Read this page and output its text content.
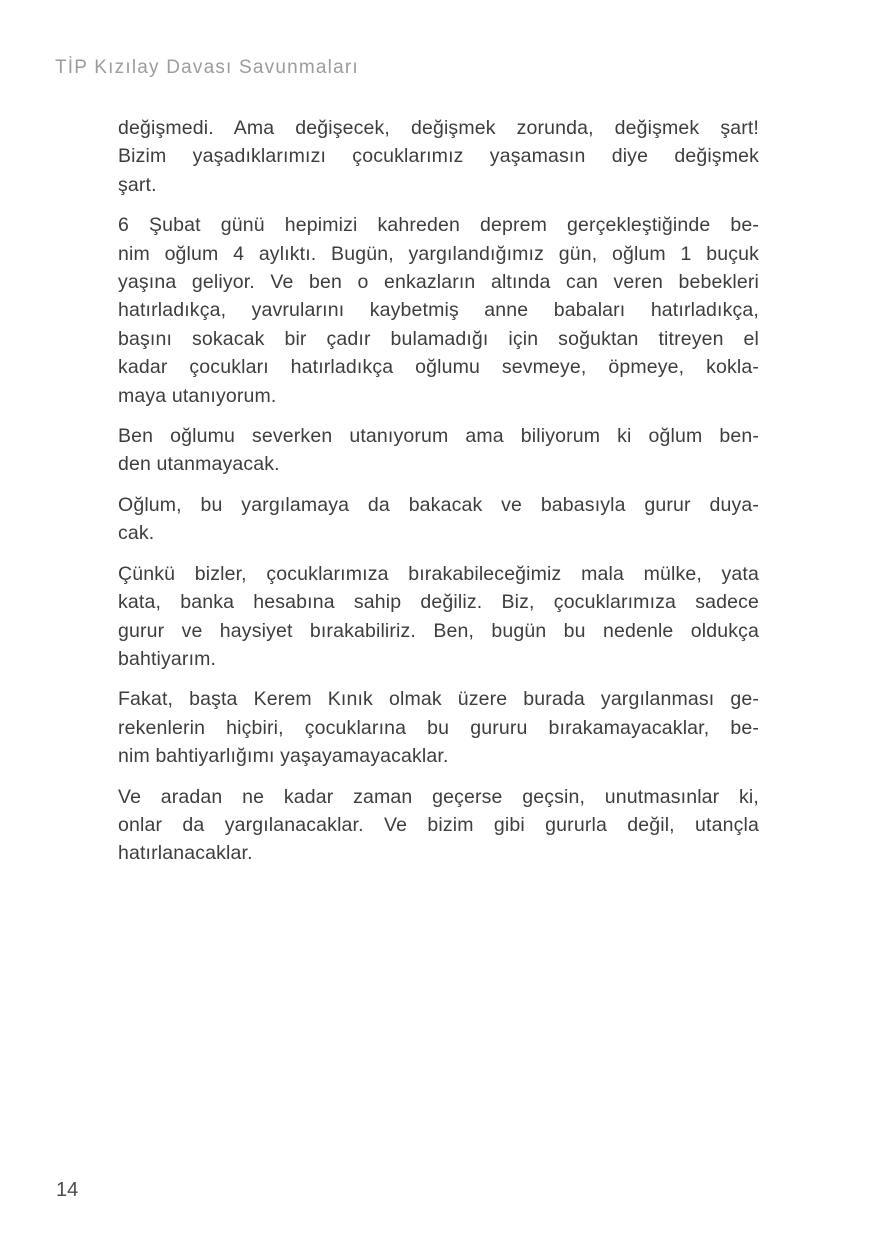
TİP Kızılay Davası Savunmaları

değişmedi. Ama değişecek, değişmek zorunda, değişmek şart!
Bizim yaşadıklarımızı çocuklarımız yaşamasın diye değişmek
şart.

6 Şubat günü hepimizi kahreden deprem gerçekleştiğinde be-
nim oğlum 4 aylıktı. Bugün, yargılandığımız gün, oğlum 1 buçuk
yaşına geliyor. Ve ben o enkazların altında can veren bebekleri
hatırladıkça, yavrularını kaybetmiş anne babaları hatırladıkça,
başını sokacak bir çadır bulamadığı için soğuktan titreyen el
kadar çocukları hatırladıkça oğlumu sevmeye, öpmeye, kokla-
maya utanıyorum.

Ben oğlumu severken utanıyorum ama biliyorum ki oğlum ben-
den utanmayacak.

Oğlum, bu yargılamaya da bakacak ve babasıyla gurur duya-
cak.

Çünkü bizler, çocuklarımıza bırakabileceğimiz mala mülke, yata
kata, banka hesabına sahip değiliz. Biz, çocuklarımıza sadece
gurur ve haysiyet bırakabiliriz. Ben, bugün bu nedenle oldukça
bahtiyarım.

Fakat, başta Kerem Kınık olmak üzere burada yargılanması ge-
rekenlerin hiçbiri, çocuklarına bu gururu bırakamayacaklar, be-
nim bahtiyarlığımı yaşayamayacaklar.

Ve aradan ne kadar zaman geçerse geçsin, unutmasınlar ki,
onlar da yargılanacaklar. Ve bizim gibi gururla değil, utançla
hatırlanacaklar.

14
